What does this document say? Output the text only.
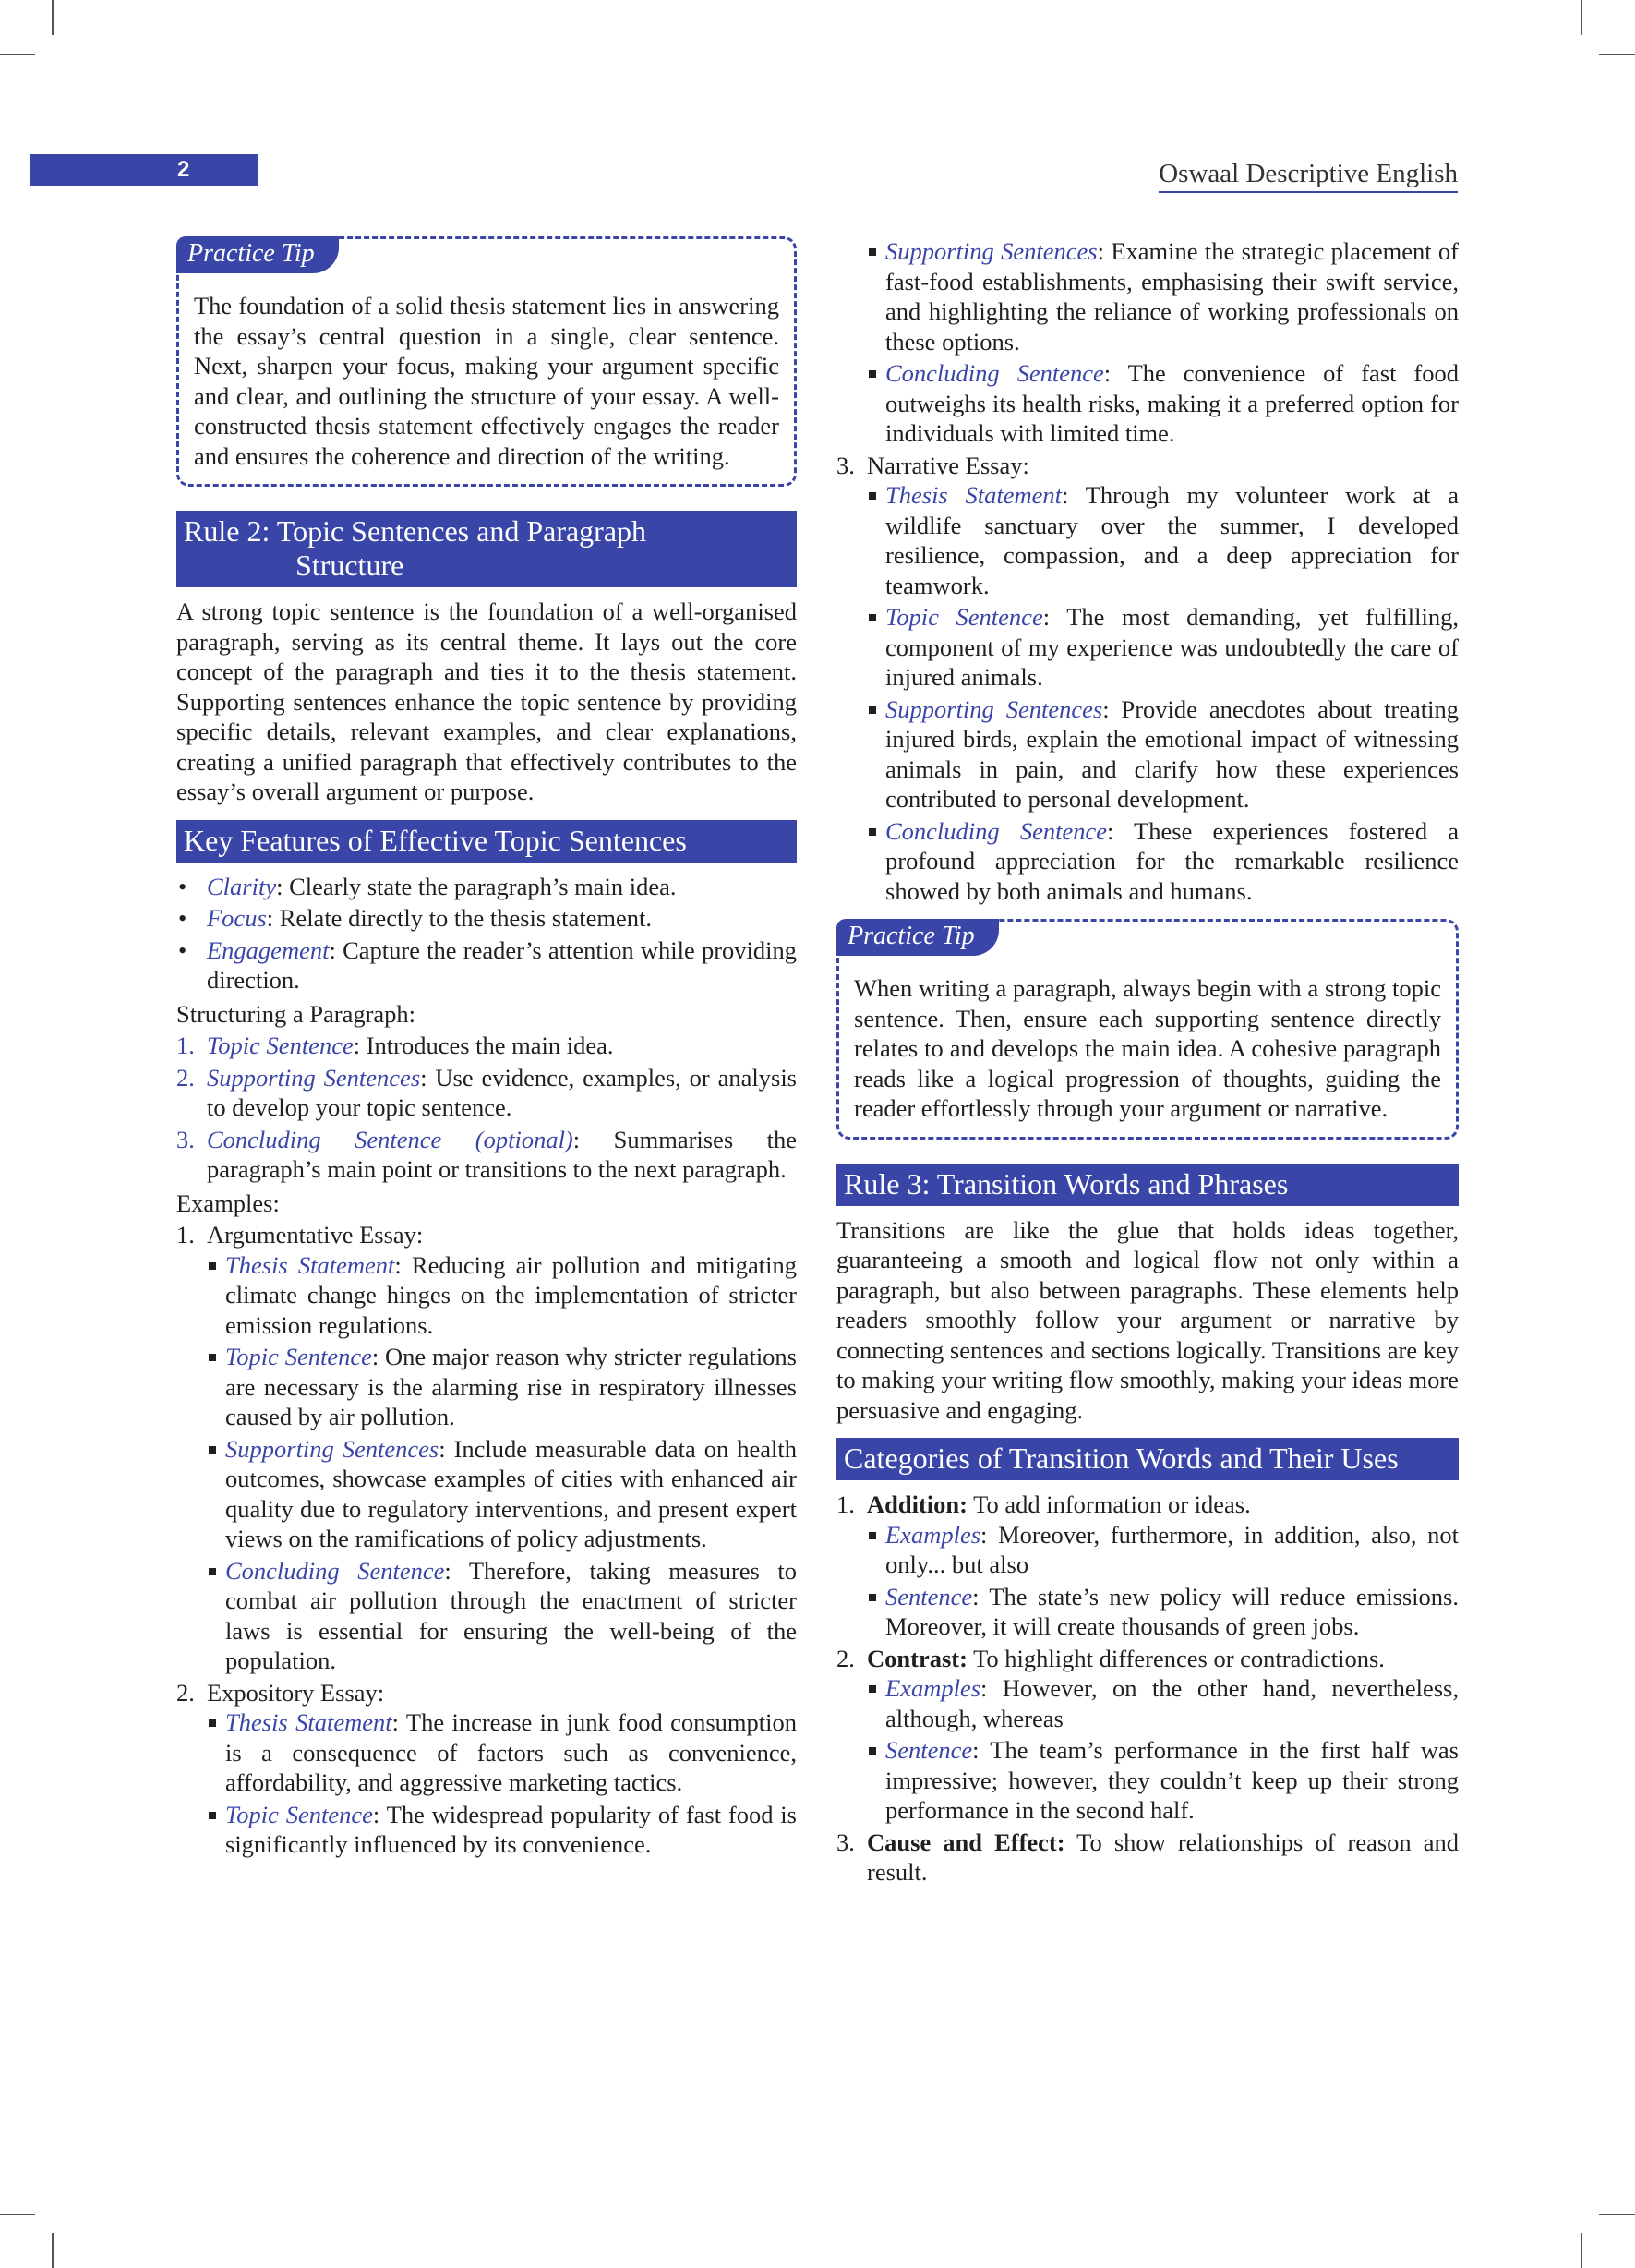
2	Oswaal Descriptive English
Practice Tip

The foundation of a solid thesis statement lies in answering the essay’s central question in a single, clear sentence. Next, sharpen your focus, making your argument specific and clear, and outlining the structure of your essay. A well-constructed thesis statement effectively engages the reader and ensures the coherence and direction of the writing.

Rule 2: Topic Sentences and Paragraph
Structure

A strong topic sentence is the foundation of a well-organised paragraph, serving as its central theme. It lays out the core concept of the paragraph and ties it to the thesis statement. Supporting sentences enhance the topic sentence by providing specific details, relevant examples, and clear explanations, creating a unified paragraph that effectively contributes to the essay’s overall argument or purpose.

Key Features of Effective Topic Sentences
• Clarity: Clearly state the paragraph’s main idea.
• Focus: Relate directly to the thesis statement.
• Engagement: Capture the reader’s attention while providing direction.

Structuring a Paragraph:

1. Topic Sentence: Introduces the main idea.
2. Supporting Sentences: Use evidence, examples, or analysis to develop your topic sentence.
3. Concluding Sentence (optional): Summarises the paragraph’s main point or transitions to the next paragraph.

Examples:

1. Argumentative Essay:
Thesis Statement: Reducing air pollution and mitigating climate change hinges on the implementation of stricter emission regulations.
Topic Sentence: One major reason why stricter regulations are necessary is the alarming rise in respiratory illnesses caused by air pollution.
Supporting Sentences: Include measurable data on health outcomes, showcase examples of cities with enhanced air quality due to regulatory interventions, and present expert views on the ramifications of policy adjustments.
Concluding Sentence: Therefore, taking measures to combat air pollution through the enactment of stricter laws is essential for ensuring the well-being of the population.
2. Expository Essay:
Thesis Statement: The increase in junk food consumption is a consequence of factors such as convenience, affordability, and aggressive marketing tactics.
Topic Sentence: The widespread popularity of fast food is significantly influenced by its convenience.
Supporting Sentences: Examine the strategic placement of fast-food establishments, emphasising their swift service, and highlighting the reliance of working professionals on these options.
Concluding Sentence: The convenience of fast food outweighs its health risks, making it a preferred option for individuals with limited time.
3. Narrative Essay:
Thesis Statement: Through my volunteer work at a wildlife sanctuary over the summer, I developed resilience, compassion, and a deep appreciation for teamwork.
Topic Sentence: The most demanding, yet fulfilling, component of my experience was undoubtedly the care of injured animals.
Supporting Sentences: Provide anecdotes about treating injured birds, explain the emotional impact of witnessing animals in pain, and clarify how these experiences contributed to personal development.
Concluding Sentence: These experiences fostered a profound appreciation for the remarkable resilience showed by both animals and humans.
Practice Tip

When writing a paragraph, always begin with a strong topic sentence. Then, ensure each supporting sentence directly relates to and develops the main idea. A cohesive paragraph reads like a logical progression of thoughts, guiding the reader effortlessly through your argument or narrative.

Rule 3: Transition Words and Phrases

Transitions are like the glue that holds ideas together, guaranteeing a smooth and logical flow not only within a paragraph, but also between paragraphs. These elements help readers smoothly follow your argument or narrative by connecting sentences and sections logically. Transitions are key to making your writing flow smoothly, making your ideas more persuasive and engaging.

Categories of Transition Words and Their Uses
1. Addition: To add information or ideas.
Examples: Moreover, furthermore, in addition, also, not only... but also
Sentence: The state’s new policy will reduce emissions. Moreover, it will create thousands of green jobs.
2. Contrast: To highlight differences or contradictions.
Examples: However, on the other hand, nevertheless, although, whereas
Sentence: The team’s performance in the first half was impressive; however, they couldn’t keep up their strong performance in the second half.
3. Cause and Effect: To show relationships of reason and result.
